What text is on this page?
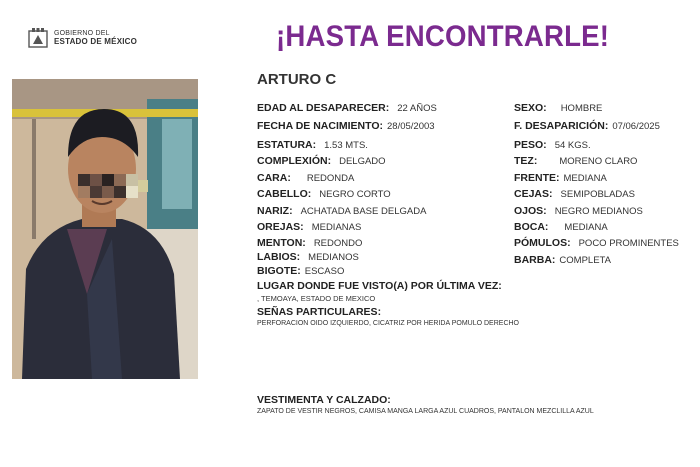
GOBIERNO DEL
ESTADO DE MÉXICO	¡HASTA ENCONTRARLE!
ARTURO C
EDAD AL DESAPARECER: 22 AÑOS
FECHA DE NACIMIENTO: 28/05/2003
ESTATURA: 1.53 MTS.
COMPLEXIÓN: DELGADO
CARA: REDONDA
CABELLO: NEGRO CORTO
NARIZ: ACHATADA BASE DELGADA
OREJAS: MEDIANAS
MENTON: REDONDO
LABIOS: MEDIANOS
BIGOTE: ESCASO
SEXO: HOMBRE
F. DESAPARICIÓN: 07/06/2025
PESO: 54 KGS.
TEZ: MORENO CLARO
FRENTE: MEDIANA
CEJAS: SEMIPOBLADAS
OJOS: NEGRO MEDIANOS
BOCA: MEDIANA
PÓMULOS: POCO PROMINENTES
BARBA: COMPLETA
LUGAR DONDE FUE VISTO(A) POR ÚLTIMA VEZ:
, TEMOAYA, ESTADO DE MEXICO
SEÑAS PARTICULARES:
PERFORACION OIDO IZQUIERDO, CICATRIZ POR HERIDA POMULO DERECHO
VESTIMENTA Y CALZADO:
ZAPATO DE VESTIR NEGROS, CAMISA MANGA LARGA AZUL CUADROS, PANTALON MEZCLILLA AZUL
